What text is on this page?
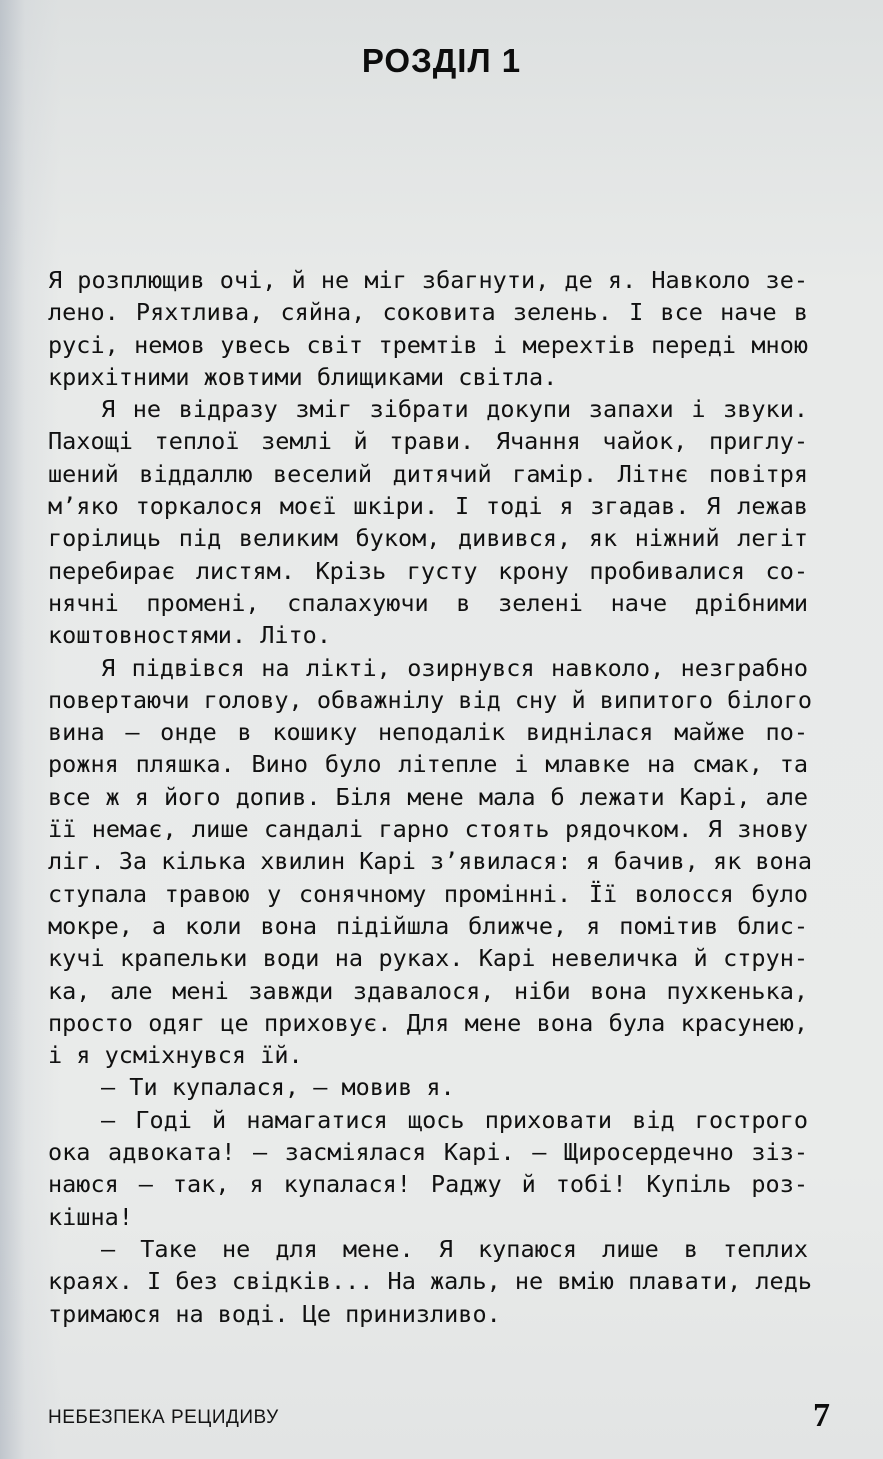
РОЗДІЛ 1
Я розплющив очі, й не міг збагнути, де я. Навколо зе-
лено. Ряхтлива, сяйна, соковита зелень. І все наче в
русі, немов увесь світ тремтів і мерехтів переді мною
крихітними жовтими блищиками світла.
Я не відразу зміг зібрати докупи запахи і звуки.
Пахощі теплої землі й трави. Ячання чайок, приглу-
шений віддаллю веселий дитячий гамір. Літнє повітря
м’яко торкалося моєї шкіри. І тоді я згадав. Я лежав
горілиць під великим буком, дивився, як ніжний легіт
перебирає листям. Крізь густу крону пробивалися со-
нячні промені, спалахуючи в зелені наче дрібними
коштовностями. Літо.
Я підвівся на лікті, озирнувся навколо, незграбно
повертаючи голову, обважнілу від сну й випитого білого
вина – онде в кошику неподалік виднілася майже по-
рожня пляшка. Вино було літепле і млавке на смак, та
все ж я його допив. Біля мене мала б лежати Карі, але
її немає, лише сандалі гарно стоять рядочком. Я знову
ліг. За кілька хвилин Карі з’явилася: я бачив, як вона
ступала травою у сонячному промінні. Її волосся було
мокре, а коли вона підійшла ближче, я помітив блис-
кучі крапельки води на руках. Карі невеличка й струн-
ка, але мені завжди здавалося, ніби вона пухкенька,
просто одяг це приховує. Для мене вона була красунею,
і я усміхнувся їй.
– Ти купалася, – мовив я.
– Годі й намагатися щось приховати від гострого
ока адвоката! – засміялася Карі. – Щиросердечно зіз-
наюся – так, я купалася! Раджу й тобі! Купіль роз-
кішна!
– Таке не для мене. Я купаюся лише в теплих
краях. І без свідків... На жаль, не вмію плавати, ледь
тримаюся на воді. Це принизливо.
НЕБЕЗПЕКА РЕЦИДИВУ	7
